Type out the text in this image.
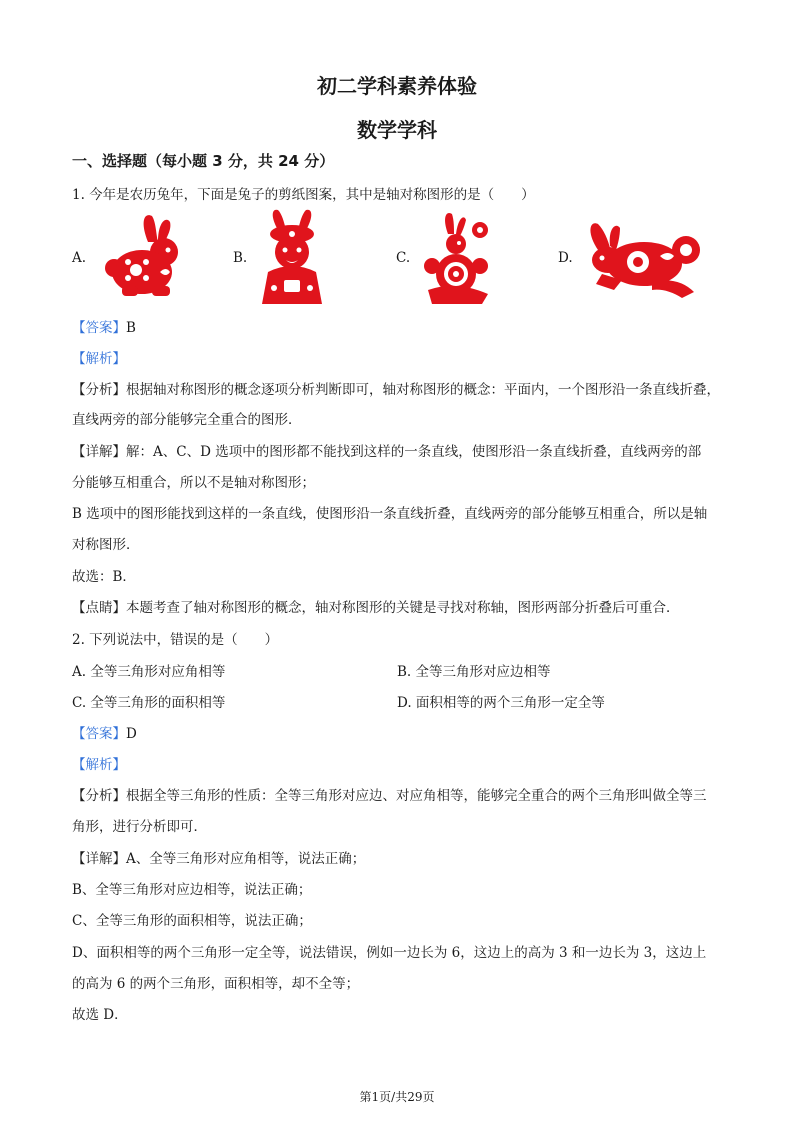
初二学科素养体验
数学学科
一、选择题（每小题 3 分，共 24 分）
1. 今年是农历兔年，下面是兔子的剪纸图案，其中是轴对称图形的是（　　）
A.	B.	C.	D.
【答案】B
【解析】
【分析】根据轴对称图形的概念逐项分析判断即可，轴对称图形的概念：平面内，一个图形沿一条直线折叠，
直线两旁的部分能够完全重合的图形．
【详解】解：A、C、D 选项中的图形都不能找到这样的一条直线，使图形沿一条直线折叠，直线两旁的部
分能够互相重合，所以不是轴对称图形；
B 选项中的图形能找到这样的一条直线，使图形沿一条直线折叠，直线两旁的部分能够互相重合，所以是轴
对称图形．
故选：B．
【点睛】本题考查了轴对称图形的概念，轴对称图形的关键是寻找对称轴，图形两部分折叠后可重合．
2. 下列说法中，错误的是（　　）
A. 全等三角形对应角相等	B. 全等三角形对应边相等
C. 全等三角形的面积相等	D. 面积相等的两个三角形一定全等
【答案】D
【解析】
【分析】根据全等三角形的性质：全等三角形对应边、对应角相等，能够完全重合的两个三角形叫做全等三
角形，进行分析即可．
【详解】A、全等三角形对应角相等，说法正确；
B、全等三角形对应边相等，说法正确；
C、全等三角形的面积相等，说法正确；
D、面积相等的两个三角形一定全等，说法错误，例如一边长为 6，这边上的高为 3 和一边长为 3，这边上
的高为 6 的两个三角形，面积相等，却不全等；
故选 D．
第1页/共29页
